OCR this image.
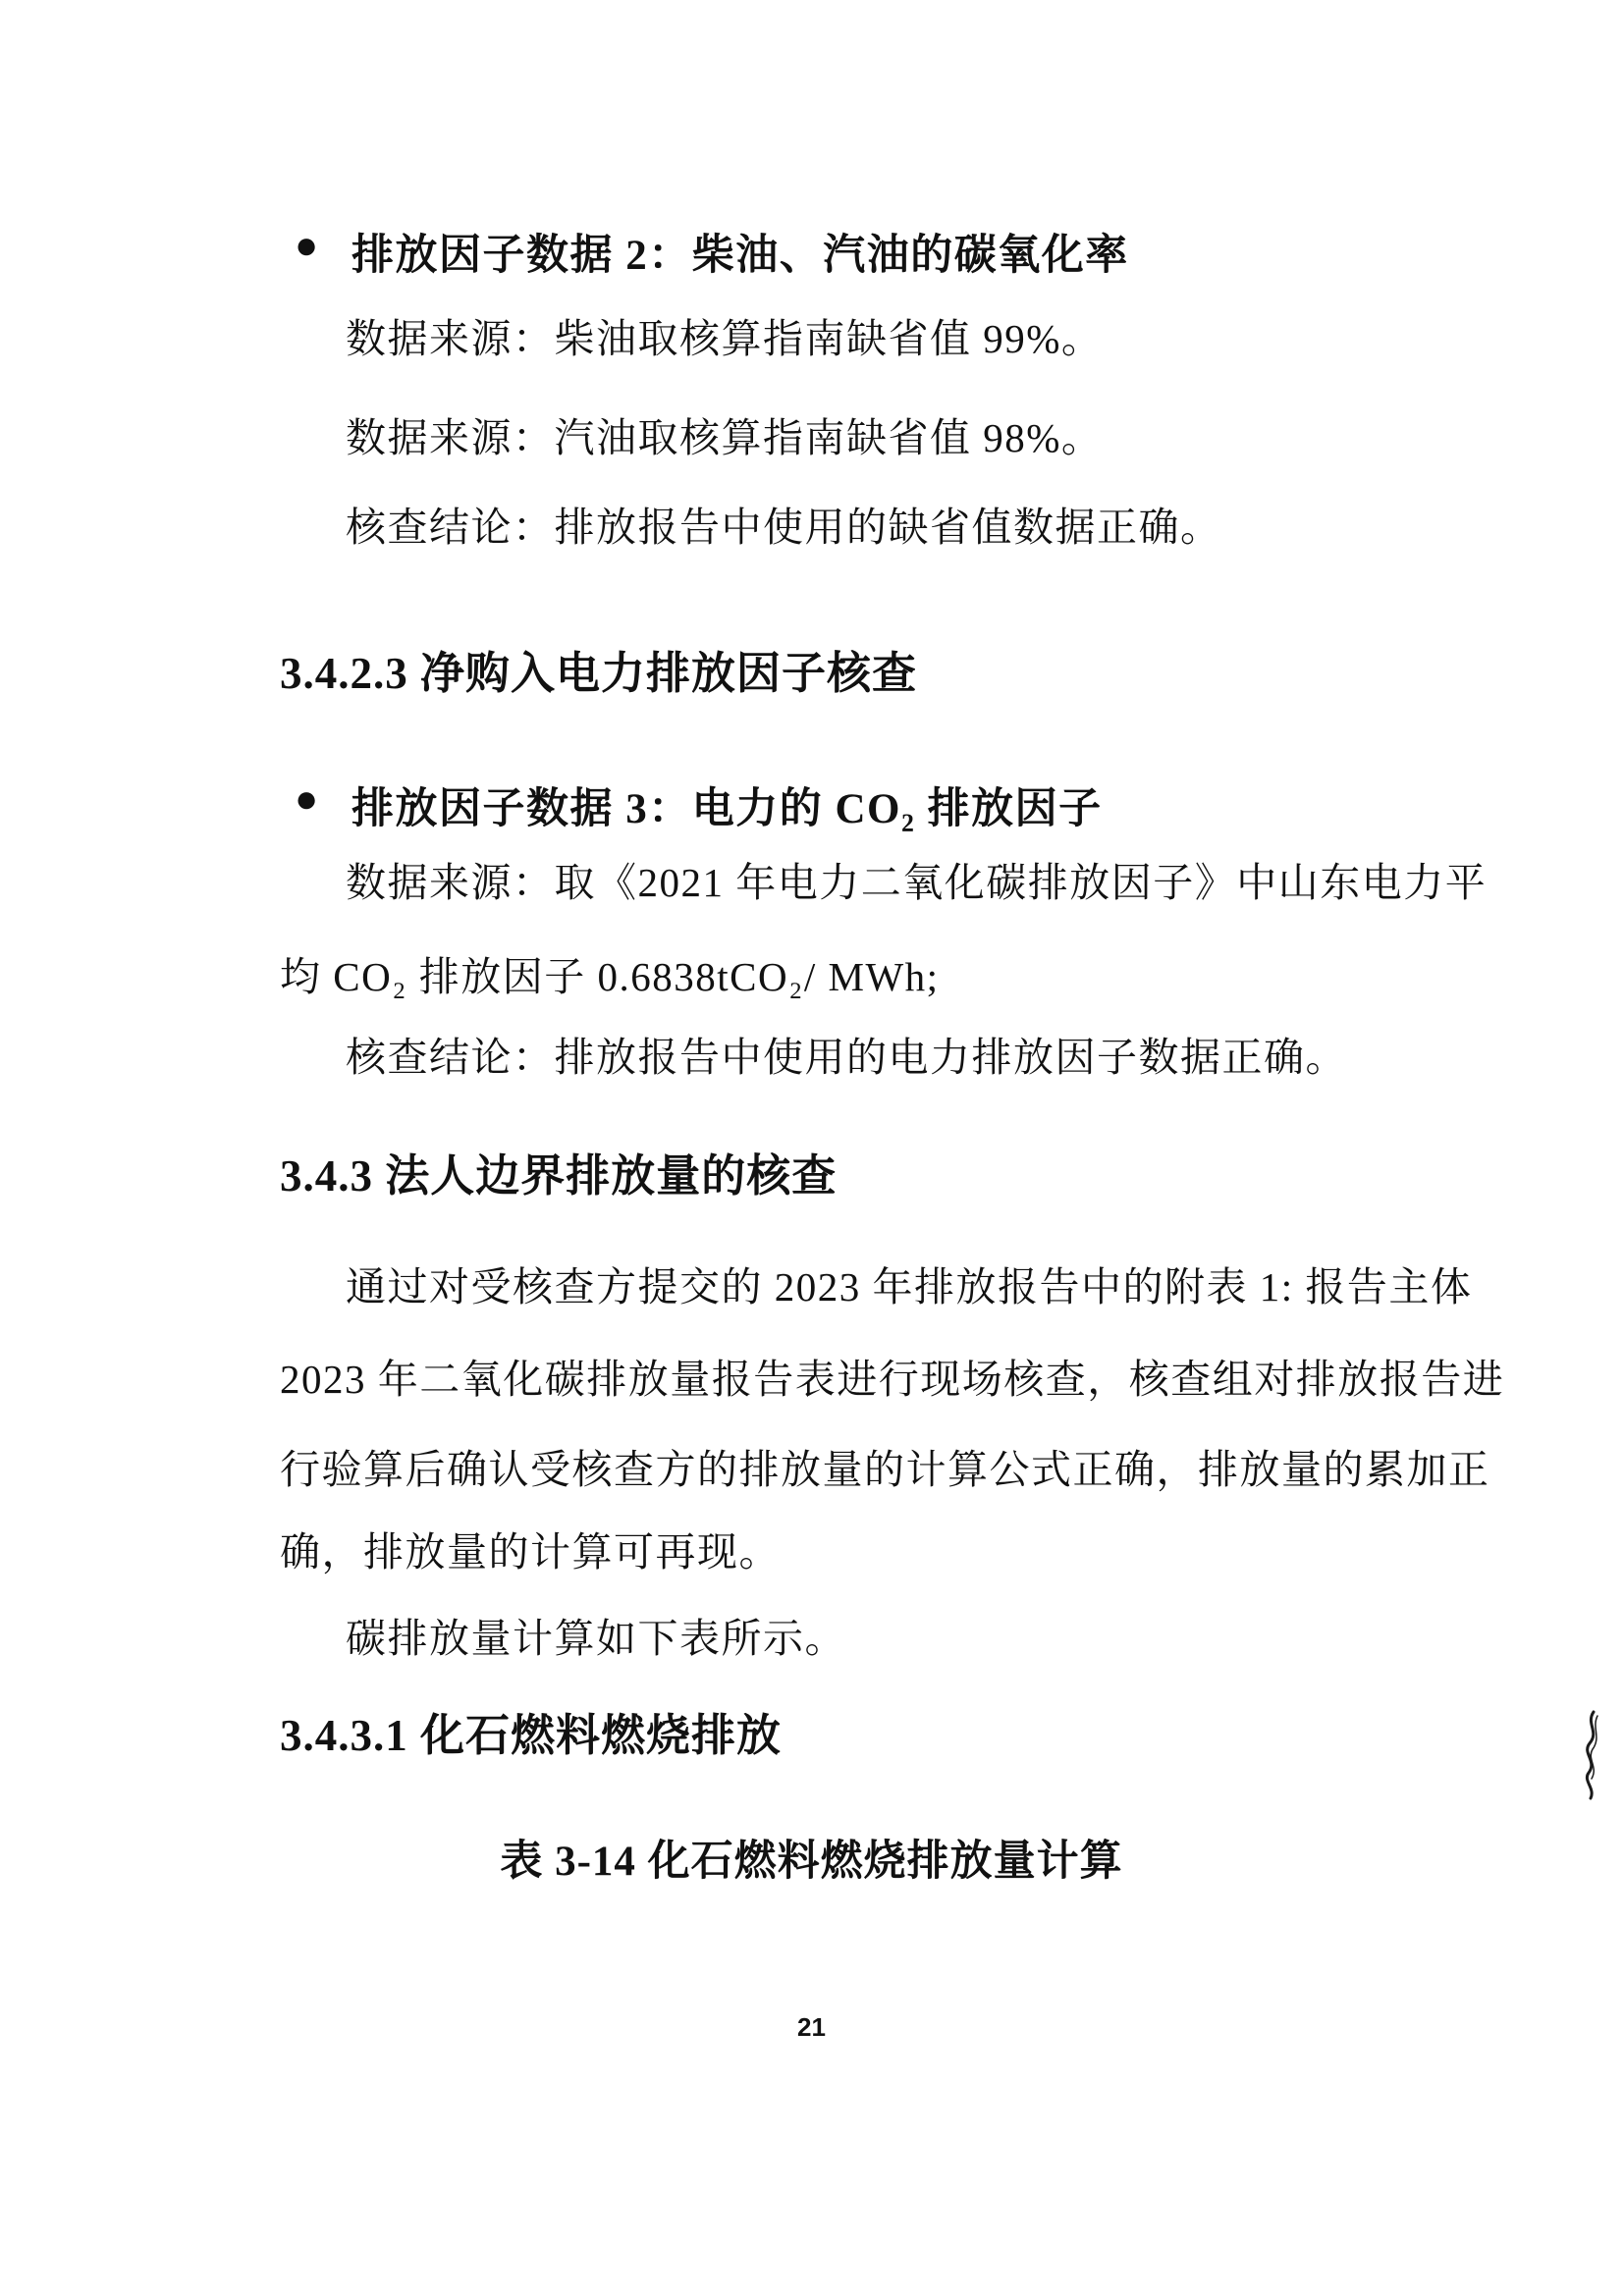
● 排放因子数据 2：柴油、汽油的碳氧化率
数据来源：柴油取核算指南缺省值 99%。
数据来源：汽油取核算指南缺省值 98%。
核查结论：排放报告中使用的缺省值数据正确。
3.4.2.3 净购入电力排放因子核查
● 排放因子数据 3：电力的 CO₂ 排放因子
数据来源：取《2021 年电力二氧化碳排放因子》中山东电力平
均 CO₂ 排放因子 0.6838tCO₂/ MWh;
核查结论：排放报告中使用的电力排放因子数据正确。
3.4.3 法人边界排放量的核查
通过对受核查方提交的 2023 年排放报告中的附表 1: 报告主体
2023 年二氧化碳排放量报告表进行现场核查，核查组对排放报告进
行验算后确认受核查方的排放量的计算公式正确，排放量的累加正
确，排放量的计算可再现。
碳排放量计算如下表所示。
3.4.3.1 化石燃料燃烧排放
表 3-14 化石燃料燃烧排放量计算
21
